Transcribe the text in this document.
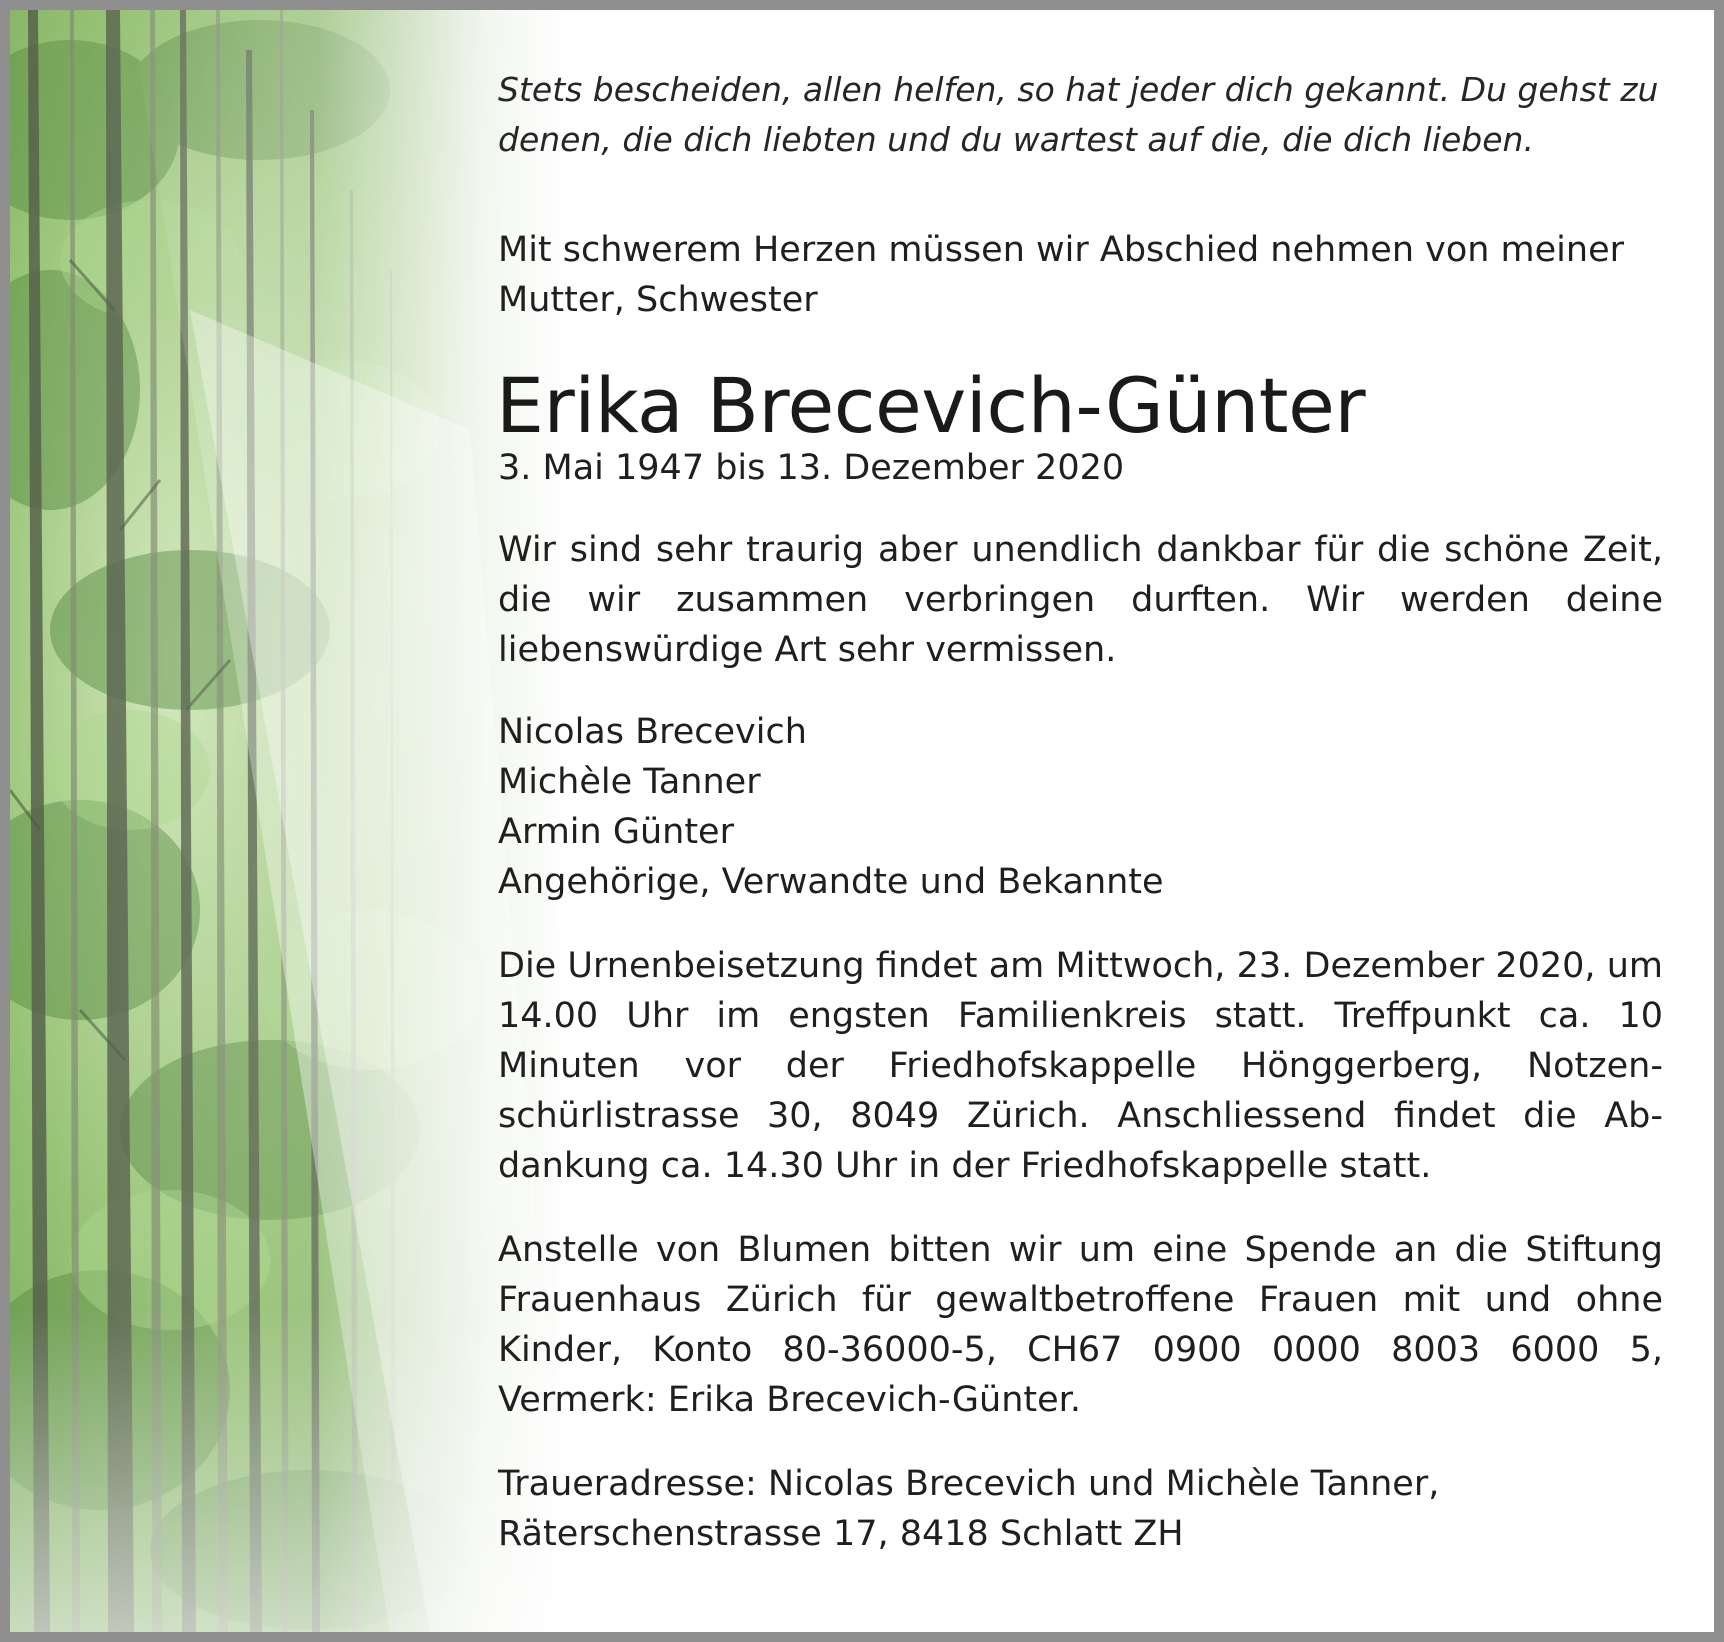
Stets bescheiden, allen helfen, so hat jeder dich gekannt. Du gehst zu
denen, die dich liebten und du wartest auf die, die dich lieben.

Mit schwerem Herzen müssen wir Abschied nehmen von meiner
Mutter, Schwester

Erika Brecevich-Günter
3. Mai 1947 bis 13. Dezember 2020

Wir sind sehr traurig aber unendlich dankbar für die schöne Zeit, die wir zusammen verbringen durften. Wir werden deine liebenswürdige Art sehr vermissen.

Nicolas Brecevich
Michèle Tanner
Armin Günter
Angehörige, Verwandte und Bekannte

Die Urnenbeisetzung findet am Mittwoch, 23. Dezember 2020, um 14.00 Uhr im engsten Familienkreis statt. Treffpunkt ca. 10 Minuten vor der Friedhofskappelle Hönggerberg, Notzenschürlistrasse 30, 8049 Zürich. Anschliessend findet die Abdankung ca. 14.30 Uhr in der Friedhofskappelle statt.

Anstelle von Blumen bitten wir um eine Spende an die Stiftung Frauenhaus Zürich für gewaltbetroffene Frauen mit und ohne Kinder, Konto 80-36000-5, CH67 0900 0000 8003 6000 5, Vermerk: Erika Brecevich-Günter.

Traueradresse: Nicolas Brecevich und Michèle Tanner,
Räterschenstrasse 17, 8418 Schlatt ZH
